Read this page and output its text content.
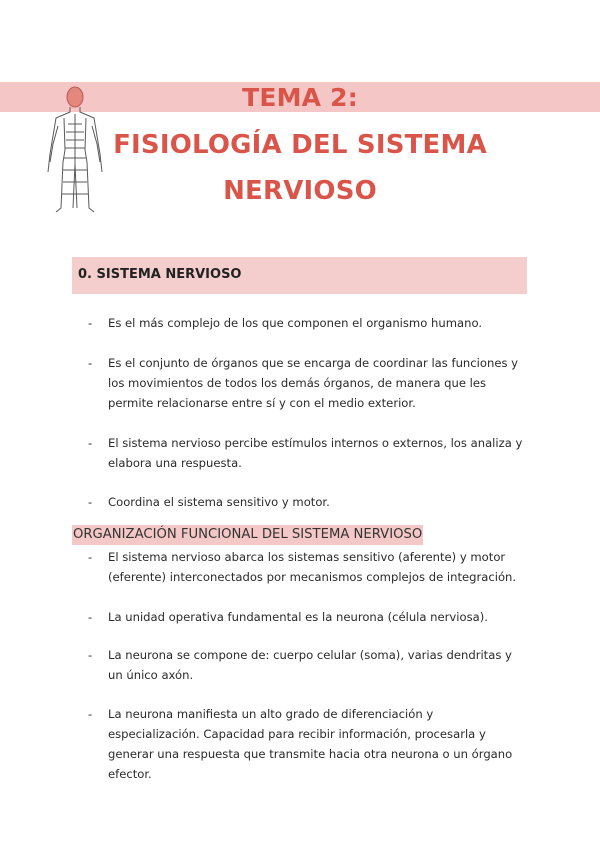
TEMA 2:
FISIOLOGÍA DEL SISTEMA
NERVIOSO
0. SISTEMA NERVIOSO
- Es el más complejo de los que componen el organismo humano.
- Es el conjunto de órganos que se encarga de coordinar las funciones y los movimientos de todos los demás órganos, de manera que les permite relacionarse entre sí y con el medio exterior.
- El sistema nervioso percibe estímulos internos o externos, los analiza y elabora una respuesta.
- Coordina el sistema sensitivo y motor.
ORGANIZACIÓN FUNCIONAL DEL SISTEMA NERVIOSO
- El sistema nervioso abarca los sistemas sensitivo (aferente) y motor (eferente) interconectados por mecanismos complejos de integración.
- La unidad operativa fundamental es la neurona (célula nerviosa).
- La neurona se compone de: cuerpo celular (soma), varias dendritas y un único axón.
- La neurona manifiesta un alto grado de diferenciación y especialización. Capacidad para recibir información, procesarla y generar una respuesta que transmite hacia otra neurona o un órgano efector.
